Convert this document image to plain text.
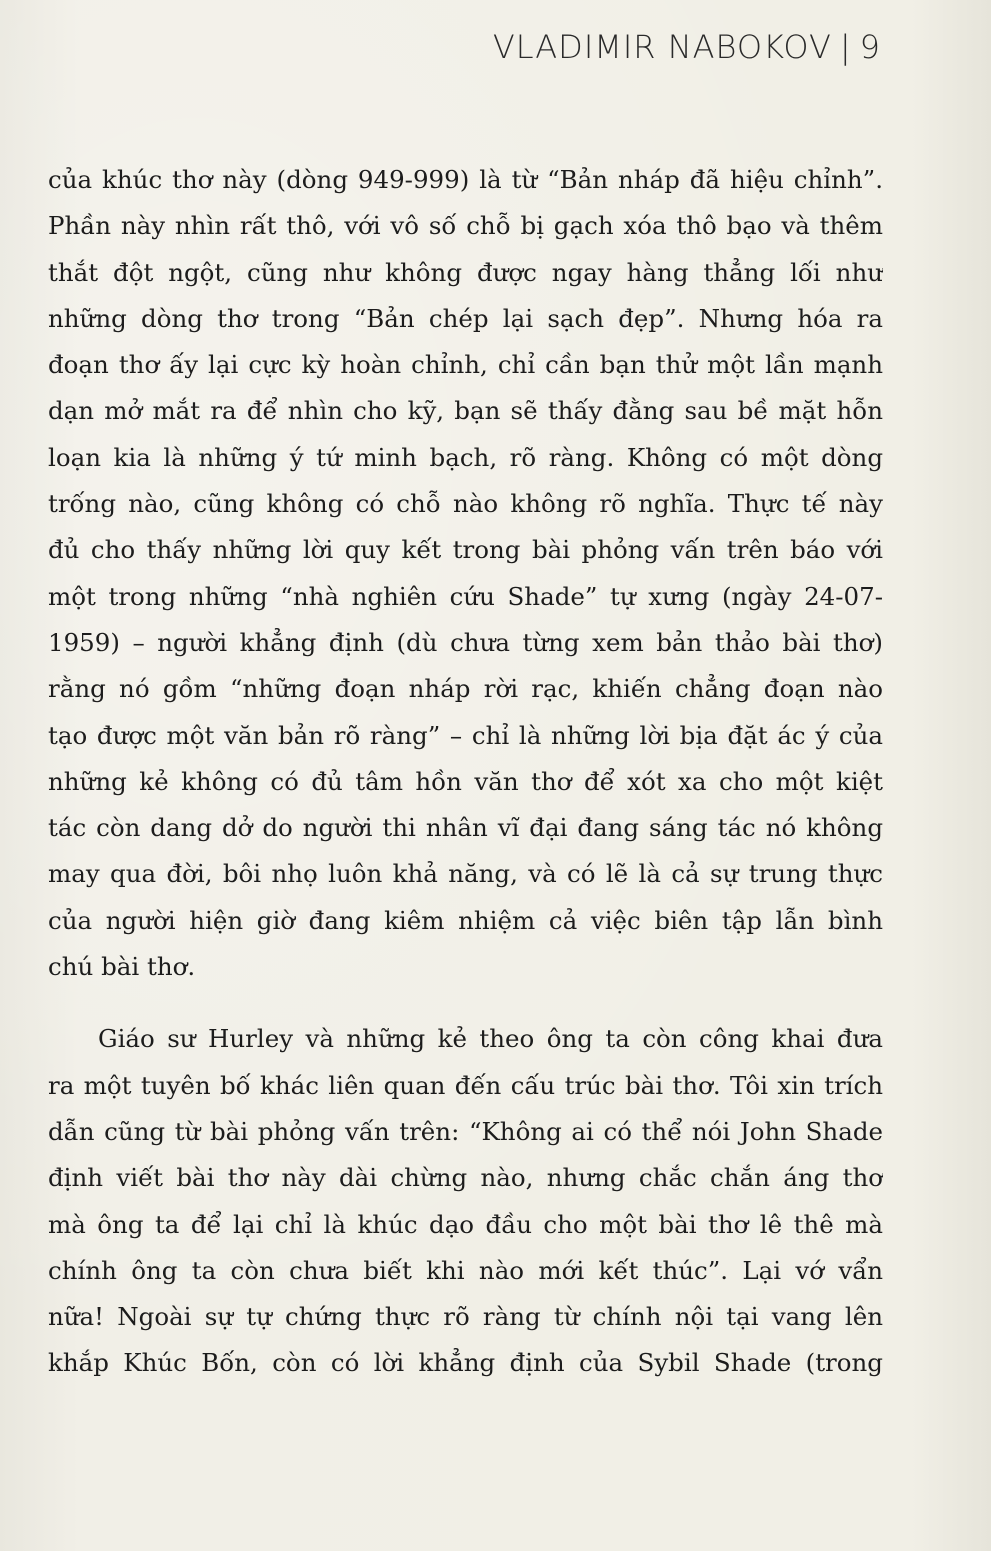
VLADIMIR NABOKOV | 9

của khúc thơ này (dòng 949-999) là từ “Bản nháp đã hiệu chỉnh”.
Phần này nhìn rất thô, với vô số chỗ bị gạch xóa thô bạo và thêm
thắt đột ngột, cũng như không được ngay hàng thẳng lối như
những dòng thơ trong “Bản chép lại sạch đẹp”. Nhưng hóa ra
đoạn thơ ấy lại cực kỳ hoàn chỉnh, chỉ cần bạn thử một lần mạnh
dạn mở mắt ra để nhìn cho kỹ, bạn sẽ thấy đằng sau bề mặt hỗn
loạn kia là những ý tứ minh bạch, rõ ràng. Không có một dòng
trống nào, cũng không có chỗ nào không rõ nghĩa. Thực tế này
đủ cho thấy những lời quy kết trong bài phỏng vấn trên báo với
một trong những “nhà nghiên cứu Shade” tự xưng (ngày 24-07-
1959) – người khẳng định (dù chưa từng xem bản thảo bài thơ)
rằng nó gồm “những đoạn nháp rời rạc, khiến chẳng đoạn nào
tạo được một văn bản rõ ràng” – chỉ là những lời bịa đặt ác ý của
những kẻ không có đủ tâm hồn văn thơ để xót xa cho một kiệt
tác còn dang dở do người thi nhân vĩ đại đang sáng tác nó không
may qua đời, bôi nhọ luôn khả năng, và có lẽ là cả sự trung thực
của người hiện giờ đang kiêm nhiệm cả việc biên tập lẫn bình
chú bài thơ.

Giáo sư Hurley và những kẻ theo ông ta còn công khai đưa
ra một tuyên bố khác liên quan đến cấu trúc bài thơ. Tôi xin trích
dẫn cũng từ bài phỏng vấn trên: “Không ai có thể nói John Shade
định viết bài thơ này dài chừng nào, nhưng chắc chắn áng thơ
mà ông ta để lại chỉ là khúc dạo đầu cho một bài thơ lê thê mà
chính ông ta còn chưa biết khi nào mới kết thúc”. Lại vớ vẩn
nữa! Ngoài sự tự chứng thực rõ ràng từ chính nội tại vang lên
khắp Khúc Bốn, còn có lời khẳng định của Sybil Shade (trong
